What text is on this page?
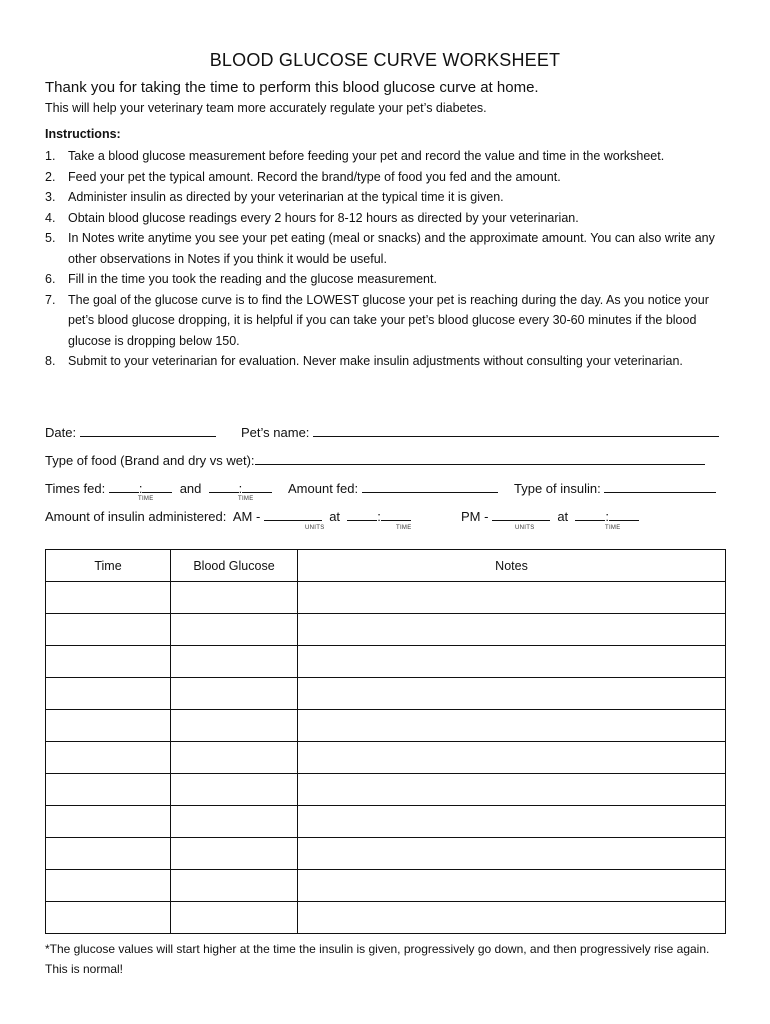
BLOOD GLUCOSE CURVE WORKSHEET
Thank you for taking the time to perform this blood glucose curve at home.
This will help your veterinary team more accurately regulate your pet’s diabetes.
Instructions:
1. Take a blood glucose measurement before feeding your pet and record the value and time in the worksheet.
2. Feed your pet the typical amount. Record the brand/type of food you fed and the amount.
3. Administer insulin as directed by your veterinarian at the typical time it is given.
4. Obtain blood glucose readings every 2 hours for 8-12 hours as directed by your veterinarian.
5. In Notes write anytime you see your pet eating (meal or snacks) and the approximate amount. You can also write any other observations in Notes if you think it would be useful.
6. Fill in the time you took the reading and the glucose measurement.
7. The goal of the glucose curve is to find the LOWEST glucose your pet is reaching during the day. As you notice your pet’s blood glucose dropping, it is helpful if you can take your pet’s blood glucose every 30-60 minutes if the blood glucose is dropping below 150.
8. Submit to your veterinarian for evaluation. Never make insulin adjustments without consulting your veterinarian.
Date:	Pet’s name:
Type of food (Brand and dry vs wet):
Times fed:	:	and	:
TIME	TIME
Amount fed:	Type of insulin:
Amount of insulin administered: AM -	at	:	PM -	at	:
UNITS	TIME	UNITS	TIME
Time	Blood Glucose	Notes

*The glucose values will start higher at the time the insulin is given, progressively go down, and then progressively rise again. This is normal!
